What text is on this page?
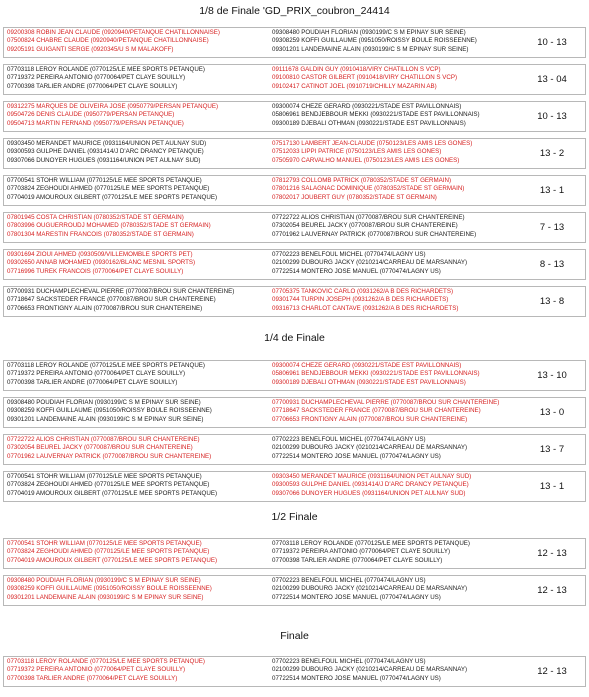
1/8 de Finale 'GD_PRIX_coubron_24414
1/4 de Finale
1/2 Finale
Finale
09200308 ROBIN JEAN CLAUDE (0920940/PETANQUE CHATILLONNAISE)
07500824 CHABRE CLAUDE (0920940/PETANQUE CHATILLONNAISE)
09205191 GUIGANTI SERGE (0920345/U S M MALAKOFF)
09308480 POUDIAH FLORIAN (0930199/C S M EPINAY SUR SEINE)
09308259 KOFFI GUILLAUME (0951050/ROISSY BOULE ROISSEENNE)
09301201 LANDEMAINE ALAIN (0930199/C S M EPINAY SUR SEINE)
10 - 13
07703118 LEROY ROLANDE (0770125/LE MEE SPORTS PETANQUE)
07719372 PEREIRA ANTONIO (0770064/PET CLAYE SOUILLY)
07700398 TARLIER ANDRE (0770064/PET CLAYE SOUILLY)
09111678 GALDIN GUY (0910418/VIRY CHATILLON S VCP)
09100810 CASTOR GILBERT (0910418/VIRY CHATILLON S VCP)
09102417 CATINOT JOEL (0910719/CHILLY MAZARIN AB)
13 - 04
09312275 MARQUES DE OLIVEIRA JOSE (0950779/PERSAN PETANQUE)
09504726 DENIS CLAUDE (0950779/PERSAN PETANQUE)
09504713 MARTIN FERNAND (0950779/PERSAN PETANQUE)
09300074 CHEZE GERARD (0930221/STADE EST PAVILLONNAIS)
05806961 BENDJEBBOUR MEKKI (0930221/STADE EST PAVILLONNAIS)
09300189 DJEBALI OTHMAN (0930221/STADE EST PAVILLONNAIS)
10 - 13
09303450 MERANDET MAURICE (0931164/UNION PET AULNAY SUD)
09300593 GULPHE DANIEL (0931414/J D'ARC DRANCY PETANQUE)
09307066 DUNOYER HUGUES (0931164/UNION PET AULNAY SUD)
07517130 LAMBERT JEAN-CLAUDE (0750123/LES AMIS LES GONES)
07512033 LIPPI PATRICE (0750123/LES AMIS LES GONES)
07505970 CARVALHO MANUEL (0750123/LES AMIS LES GONES)
13 - 2
07700541 STOHR WILLIAM (0770125/LE MEE SPORTS PETANQUE)
07703824 ZEGHOUDI AHMED (0770125/LE MEE SPORTS PETANQUE)
07704019 AMOUROUX GILBERT (0770125/LE MEE SPORTS PETANQUE)
07812793 COLLOMB PATRICK (0780352/STADE ST GERMAIN)
07801216 SALAGNAC DOMINIQUE (0780352/STADE ST GERMAIN)
07802017 JOUBERT GUY (0780352/STADE ST GERMAIN)
13 - 1
07801945 COSTA CHRISTIAN (0780352/STADE ST GERMAIN)
07803996 OUGUERROUDJ MOHAMED (0780352/STADE ST GERMAIN)
07801304 MARESTIN FRANCOIS (0780352/STADE ST GERMAIN)
07722722 ALIOS CHRISTIAN (0770087/BROU SUR CHANTEREINE)
07302054 BEUREL JACKY (0770087/BROU SUR CHANTEREINE)
07701962 LAUVERNAY PATRICK (0770087/BROU SUR CHANTEREINE)
7 - 13
09301694 ZIOUI AHMED (0930509/VILLEMOMBLE SPORTS PET)
09302650 ANNAB MOHAMED (0930162/BLANC MESNIL SPORTS)
07716996 TUREK FRANCOIS (0770064/PET CLAYE SOUILLY)
07702223 BENELFOUL MICHEL (0770474/LAGNY US)
02100299 DUBOURG JACKY (0210214/CARREAU DE MARSANNAY)
07722514 MONTERO JOSE MANUEL (0770474/LAGNY US)
8 - 13
07700931 DUCHAMPLECHEVAL PIERRE (0770087/BROU SUR CHANTEREINE)
07718647 SACKSTEDER FRANCE (0770087/BROU SUR CHANTEREINE)
07706653 FRONTIGNY ALAIN (0770087/BROU SUR CHANTEREINE)
07705375 TANKOVIC CARLO (0931262/A B DES RICHARDETS)
09301744 TURPIN JOSEPH (0931262/A B DES RICHARDETS)
09316713 CHARLOT CANTAVE (0931262/A B DES RICHARDETS)
13 - 8
07703118 LEROY ROLANDE (0770125/LE MEE SPORTS PETANQUE)
07719372 PEREIRA ANTONIO (0770064/PET CLAYE SOUILLY)
07700398 TARLIER ANDRE (0770064/PET CLAYE SOUILLY)
09300074 CHEZE GERARD (0930221/STADE EST PAVILLONNAIS)
05806961 BENDJEBBOUR MEKKI (0930221/STADE EST PAVILLONNAIS)
09300189 DJEBALI OTHMAN (0930221/STADE EST PAVILLONNAIS)
13 - 10
09308480 POUDIAH FLORIAN (0930199/C S M EPINAY SUR SEINE)
09308259 KOFFI GUILLAUME (0951050/ROISSY BOULE ROISSEENNE)
09301201 LANDEMAINE ALAIN (0930199/C S M EPINAY SUR SEINE)
07700931 DUCHAMPLECHEVAL PIERRE (0770087/BROU SUR CHANTEREINE)
07718647 SACKSTEDER FRANCE (0770087/BROU SUR CHANTEREINE)
07706653 FRONTIGNY ALAIN (0770087/BROU SUR CHANTEREINE)
13 - 0
07722722 ALIOS CHRISTIAN (0770087/BROU SUR CHANTEREINE)
07302054 BEUREL JACKY (0770087/BROU SUR CHANTEREINE)
07701962 LAUVERNAY PATRICK (0770087/BROU SUR CHANTEREINE)
07702223 BENELFOUL MICHEL (0770474/LAGNY US)
02100299 DUBOURG JACKY (0210214/CARREAU DE MARSANNAY)
07722514 MONTERO JOSE MANUEL (0770474/LAGNY US)
13 - 7
07700541 STOHR WILLIAM (0770125/LE MEE SPORTS PETANQUE)
07703824 ZEGHOUDI AHMED (0770125/LE MEE SPORTS PETANQUE)
07704019 AMOUROUX GILBERT (0770125/LE MEE SPORTS PETANQUE)
09303450 MERANDET MAURICE (0931164/UNION PET AULNAY SUD)
09300593 GULPHE DANIEL (0931414/J D'ARC DRANCY PETANQUE)
09307066 DUNOYER HUGUES (0931164/UNION PET AULNAY SUD)
13 - 1
07700541 STOHR WILLIAM (0770125/LE MEE SPORTS PETANQUE)
07703824 ZEGHOUDI AHMED (0770125/LE MEE SPORTS PETANQUE)
07704019 AMOUROUX GILBERT (0770125/LE MEE SPORTS PETANQUE)
07703118 LEROY ROLANDE (0770125/LE MEE SPORTS PETANQUE)
07719372 PEREIRA ANTONIO (0770064/PET CLAYE SOUILLY)
07700398 TARLIER ANDRE (0770064/PET CLAYE SOUILLY)
12 - 13
09308480 POUDIAH FLORIAN (0930199/C S M EPINAY SUR SEINE)
09308259 KOFFI GUILLAUME (0951050/ROISSY BOULE ROISSEENNE)
09301201 LANDEMAINE ALAIN (0930199/C S M EPINAY SUR SEINE)
07702223 BENELFOUL MICHEL (0770474/LAGNY US)
02100299 DUBOURG JACKY (0210214/CARREAU DE MARSANNAY)
07722514 MONTERO JOSE MANUEL (0770474/LAGNY US)
12 - 13
07703118 LEROY ROLANDE (0770125/LE MEE SPORTS PETANQUE)
07719372 PEREIRA ANTONIO (0770064/PET CLAYE SOUILLY)
07700398 TARLIER ANDRE (0770064/PET CLAYE SOUILLY)
07702223 BENELFOUL MICHEL (0770474/LAGNY US)
02100299 DUBOURG JACKY (0210214/CARREAU DE MARSANNAY)
07722514 MONTERO JOSE MANUEL (0770474/LAGNY US)
12 - 13
